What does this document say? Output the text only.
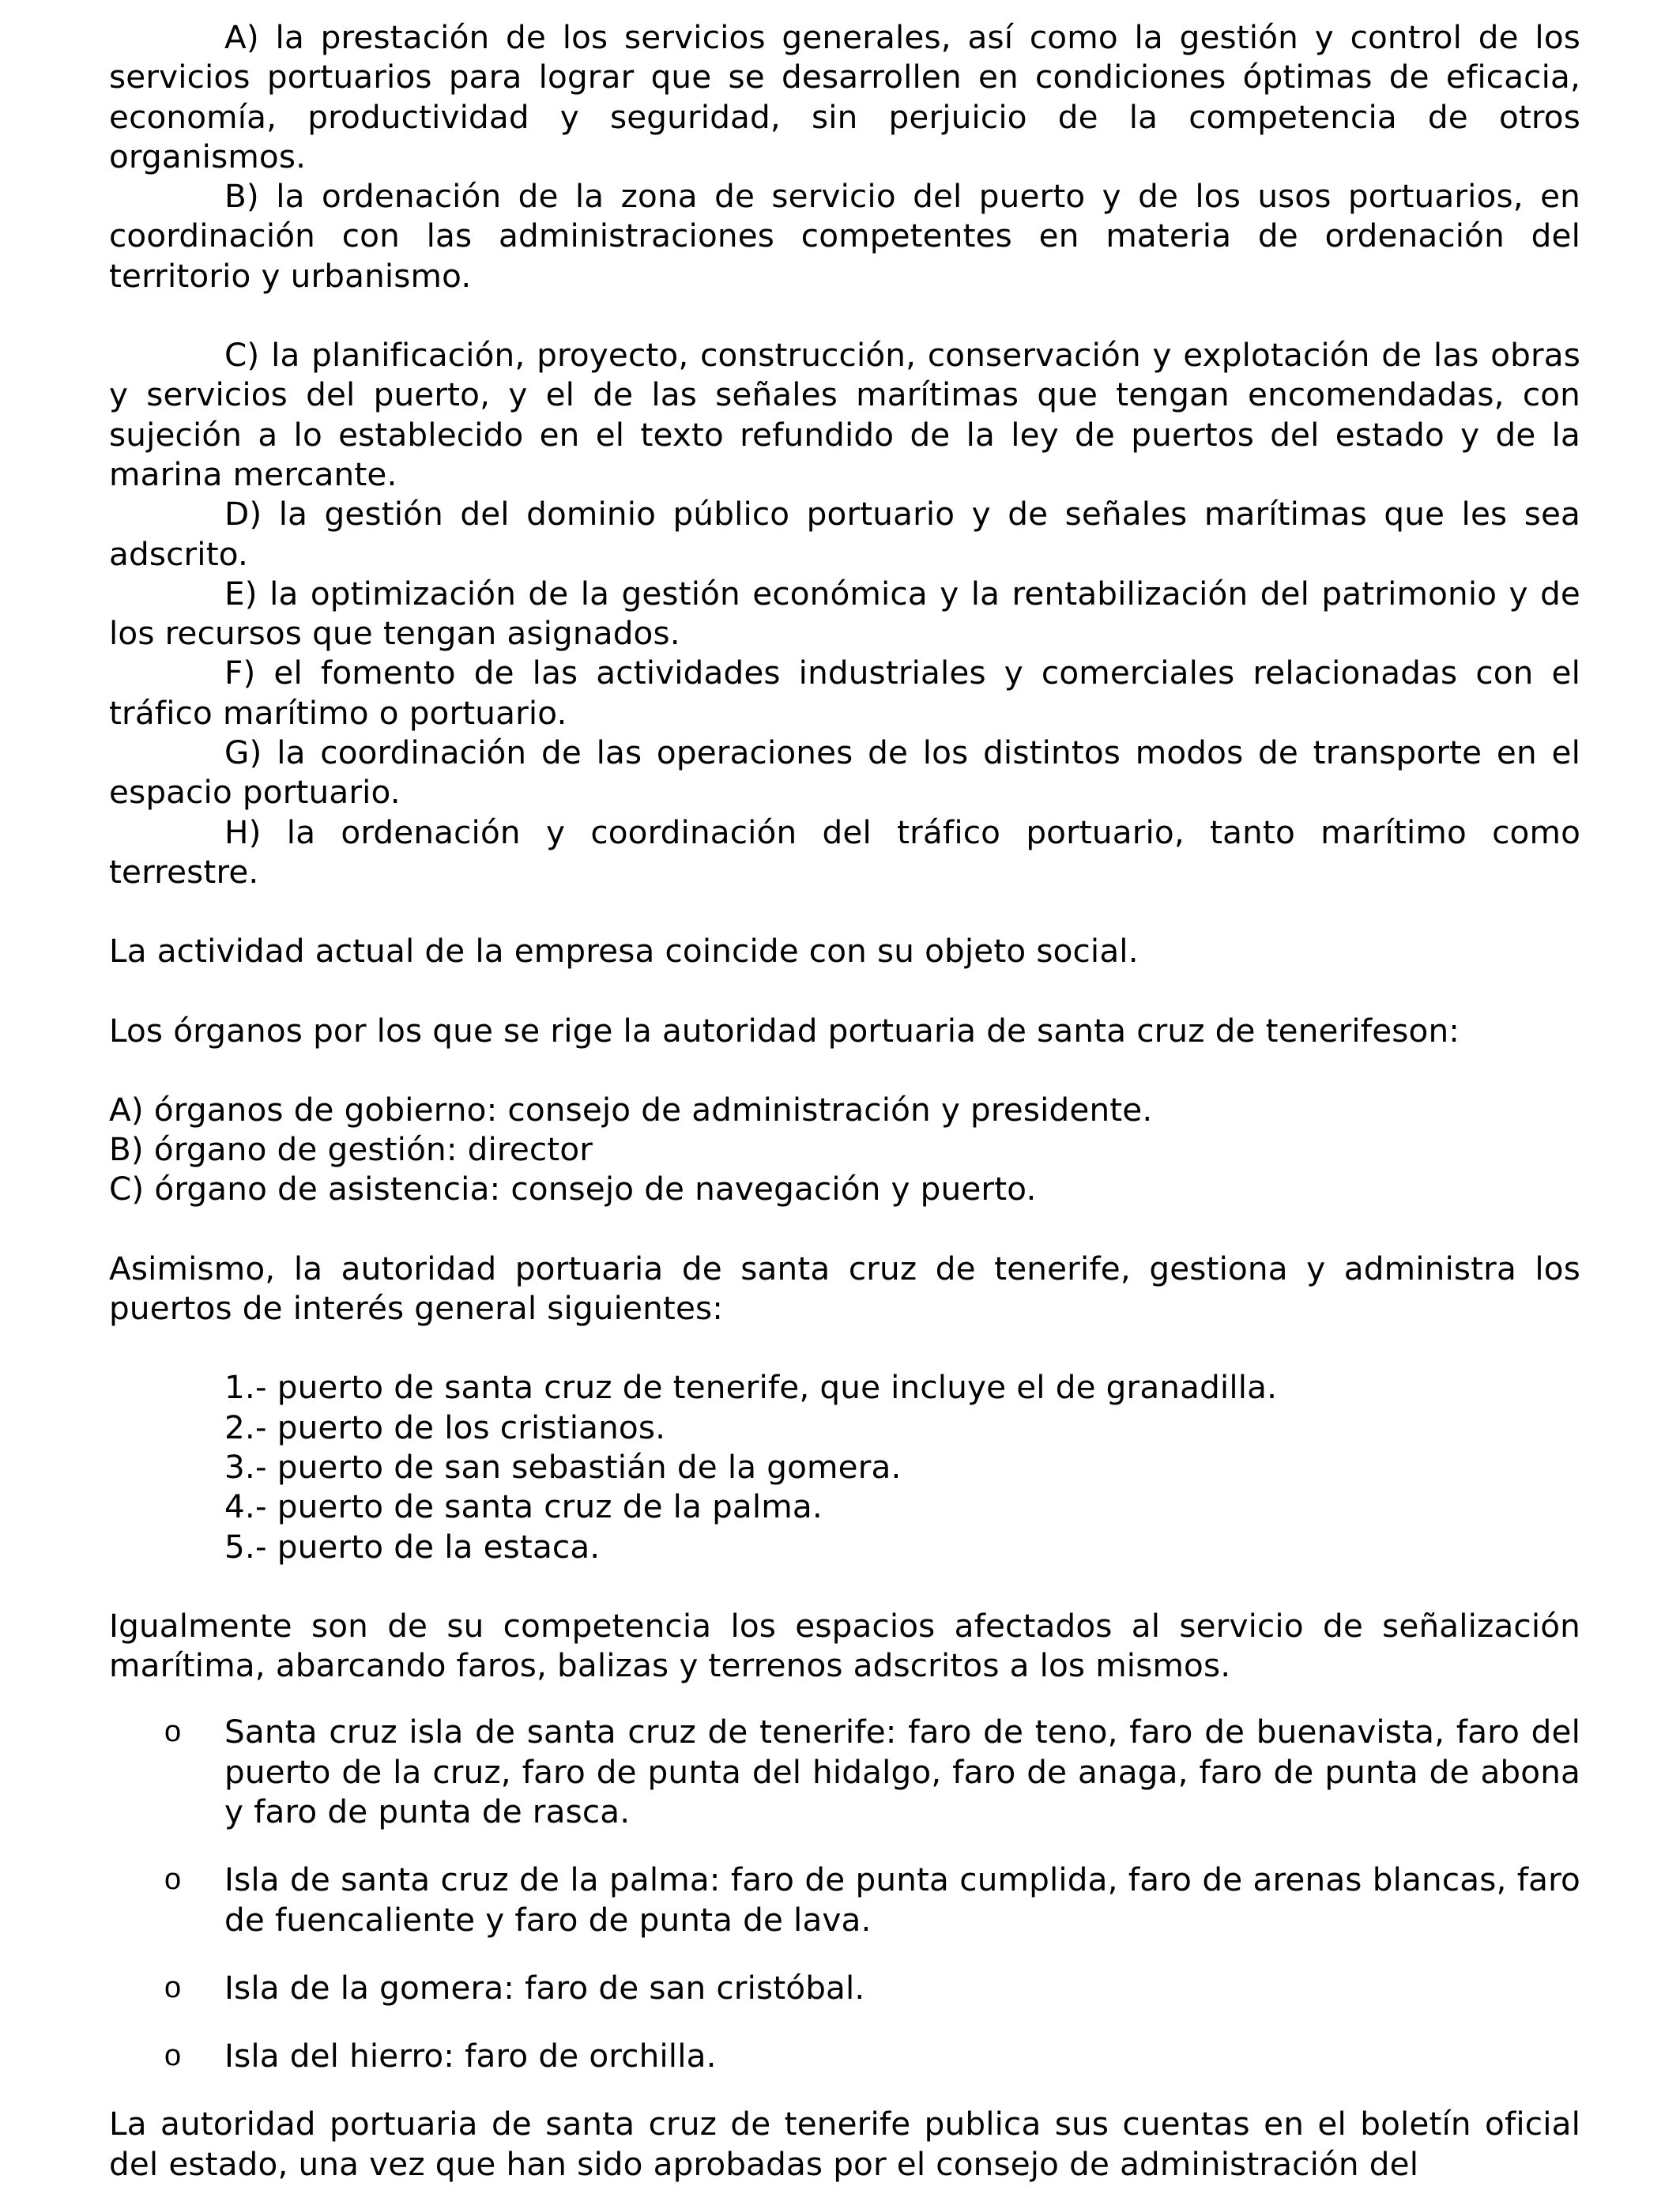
A) la prestación de los servicios generales, así como la gestión y control de los servicios portuarios para lograr que se desarrollen en condiciones óptimas de eficacia, economía, productividad y seguridad, sin perjuicio de la competencia de otros organismos.

B) la ordenación de la zona de servicio del puerto y de los usos portuarios, en coordinación con las administraciones competentes en materia de ordenación del territorio y urbanismo.

C) la planificación, proyecto, construcción, conservación y explotación de las obras y servicios del puerto, y el de las señales marítimas que tengan encomendadas, con sujeción a lo establecido en el texto refundido de la ley de puertos del estado y de la marina mercante.

D) la gestión del dominio público portuario y de señales marítimas que les sea adscrito.

E) la optimización de la gestión económica y la rentabilización del patrimonio y de los recursos que tengan asignados.

F) el fomento de las actividades industriales y comerciales relacionadas con el tráfico marítimo o portuario.

G) la coordinación de las operaciones de los distintos modos de transporte en el espacio portuario.

H) la ordenación y coordinación del tráfico portuario, tanto marítimo como terrestre.

La actividad actual de la empresa coincide con su objeto social.

Los órganos por los que se rige la autoridad portuaria de santa cruz de tenerifeson:

A) órganos de gobierno: consejo de administración y presidente.
B) órgano de gestión: director
C) órgano de asistencia: consejo de navegación y puerto.

Asimismo, la autoridad portuaria de santa cruz de tenerife, gestiona y administra los puertos de interés general siguientes:

1.- puerto de santa cruz de tenerife, que incluye el de granadilla.
2.- puerto de los cristianos.
3.- puerto de san sebastián de la gomera.
4.- puerto de santa cruz de la palma.
5.- puerto de la estaca.

Igualmente son de su competencia los espacios afectados al servicio de señalización marítima, abarcando faros, balizas y terrenos adscritos a los mismos.

o Santa cruz isla de santa cruz de tenerife: faro de teno, faro de buenavista, faro del puerto de la cruz, faro de punta del hidalgo, faro de anaga, faro de punta de abona y faro de punta de rasca.
o Isla de santa cruz de la palma: faro de punta cumplida, faro de arenas blancas, faro de fuencaliente y faro de punta de lava.
o Isla de la gomera: faro de san cristóbal.
o Isla del hierro: faro de orchilla.

La autoridad portuaria de santa cruz de tenerife publica sus cuentas en el boletín oficial del estado, una vez que han sido aprobadas por el consejo de administración del
